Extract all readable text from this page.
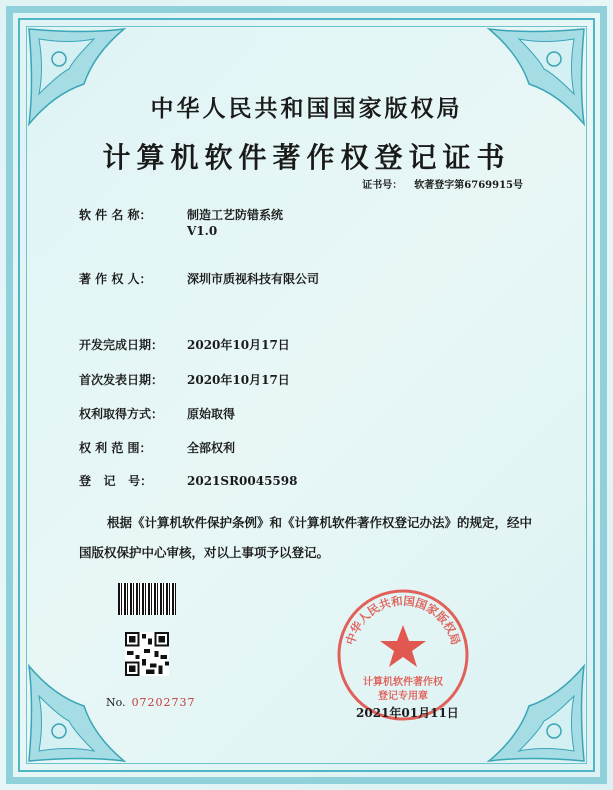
中华人民共和国国家版权局
计算机软件著作权登记证书
证书号： 软著登字第6769915号
软 件 名 称：	制造工艺防错系统
V1.0
著 作 权 人：	深圳市质视科技有限公司
开发完成日期： 2020年10月17日
首次发表日期： 2020年10月17日
权利取得方式： 原始取得
权 利 范 围：	全部权利
登   记   号：	2021SR0045598
根据《计算机软件保护条例》和《计算机软件著作权登记办法》的规定，经中国版权保护中心审核，对以上事项予以登记。
No. 07202737
中华人民共和国国家版权局
计算机软件著作权
登记专用章
2021年01月11日
